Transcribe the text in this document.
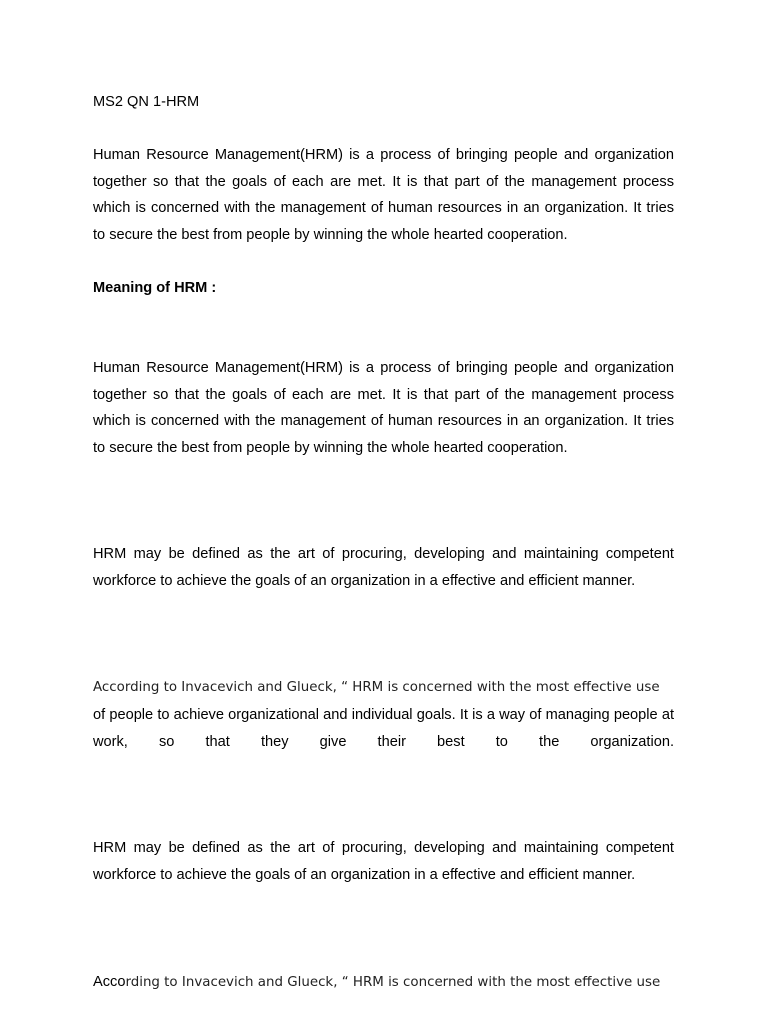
MS2 QN 1-HRM

Human Resource Management(HRM) is a process of bringing people and organization together so that the goals of each are met. It is that part of the management process which is concerned with the management of human resources in an organization. It tries to secure the best from people by winning the whole hearted cooperation.

Meaning of HRM :

Human Resource Management(HRM) is a process of bringing people and organization together so that the goals of each are met. It is that part of the management process which is concerned with the management of human resources in an organization. It tries to secure the best from people by winning the whole hearted cooperation.

HRM may be defined as the art of procuring, developing and maintaining competent workforce to achieve the goals of an organization in a effective and efficient manner.

According to Invacevich and Glueck, “ HRM is concerned with the most effective use

of people to achieve organizational and individual goals. It is a way of managing people at work, so that they give their best to the organization.

HRM may be defined as the art of procuring, developing and maintaining competent workforce to achieve the goals of an organization in a effective and efficient manner.

According to Invacevich and Glueck, “ HRM is concerned with the most effective use
